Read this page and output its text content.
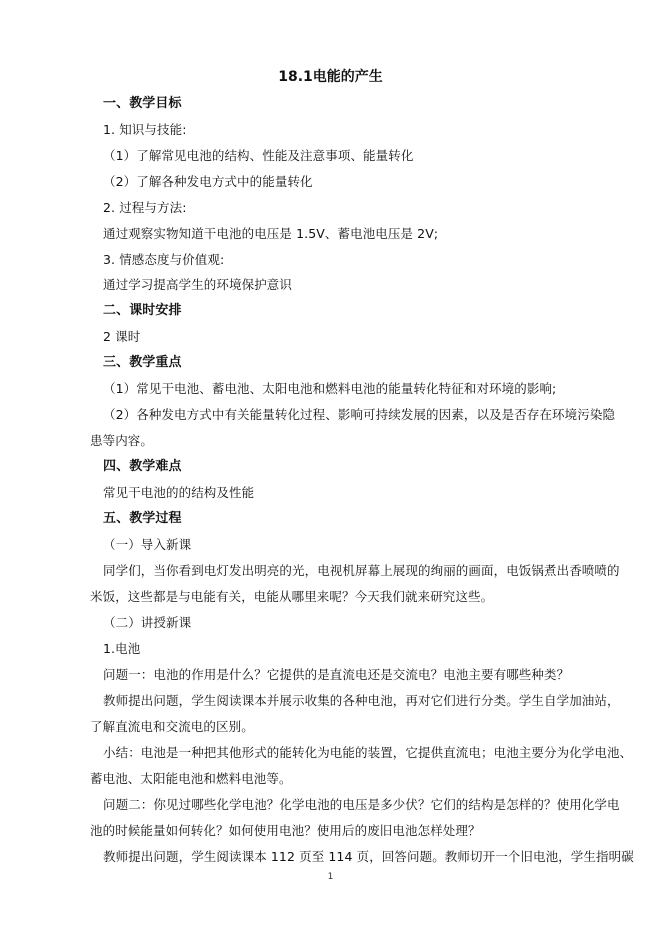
18.1电能的产生
一、教学目标
1. 知识与技能:
（1）了解常见电池的结构、性能及注意事项、能量转化
（2）了解各种发电方式中的能量转化
2. 过程与方法:
通过观察实物知道干电池的电压是 1.5V、蓄电池电压是 2V;
3. 情感态度与价值观:
通过学习提高学生的环境保护意识
二、课时安排
2 课时
三、教学重点
（1）常见干电池、蓄电池、太阳电池和燃料电池的能量转化特征和对环境的影响;
（2）各种发电方式中有关能量转化过程、影响可持续发展的因素，以及是否存在环境污染隐
患等内容。
四、教学难点
常见干电池的的结构及性能
五、教学过程
（一）导入新课
同学们，当你看到电灯发出明亮的光，电视机屏幕上展现的绚丽的画面，电饭锅煮出香喷喷的
米饭，这些都是与电能有关，电能从哪里来呢？今天我们就来研究这些。
（二）讲授新课
1.电池
问题一：电池的作用是什么？它提供的是直流电还是交流电？电池主要有哪些种类？
教师提出问题，学生阅读课本并展示收集的各种电池，再对它们进行分类。学生自学加油站，
了解直流电和交流电的区别。
小结：电池是一种把其他形式的能转化为电能的装置，它提供直流电；电池主要分为化学电池、
蓄电池、太阳能电池和燃料电池等。
问题二：你见过哪些化学电池？化学电池的电压是多少伏？它们的结构是怎样的？使用化学电
池的时候能量如何转化？如何使用电池？使用后的废旧电池怎样处理？
教师提出问题，学生阅读课本 112 页至 114 页，回答问题。教师切开一个旧电池，学生指明碳
1
